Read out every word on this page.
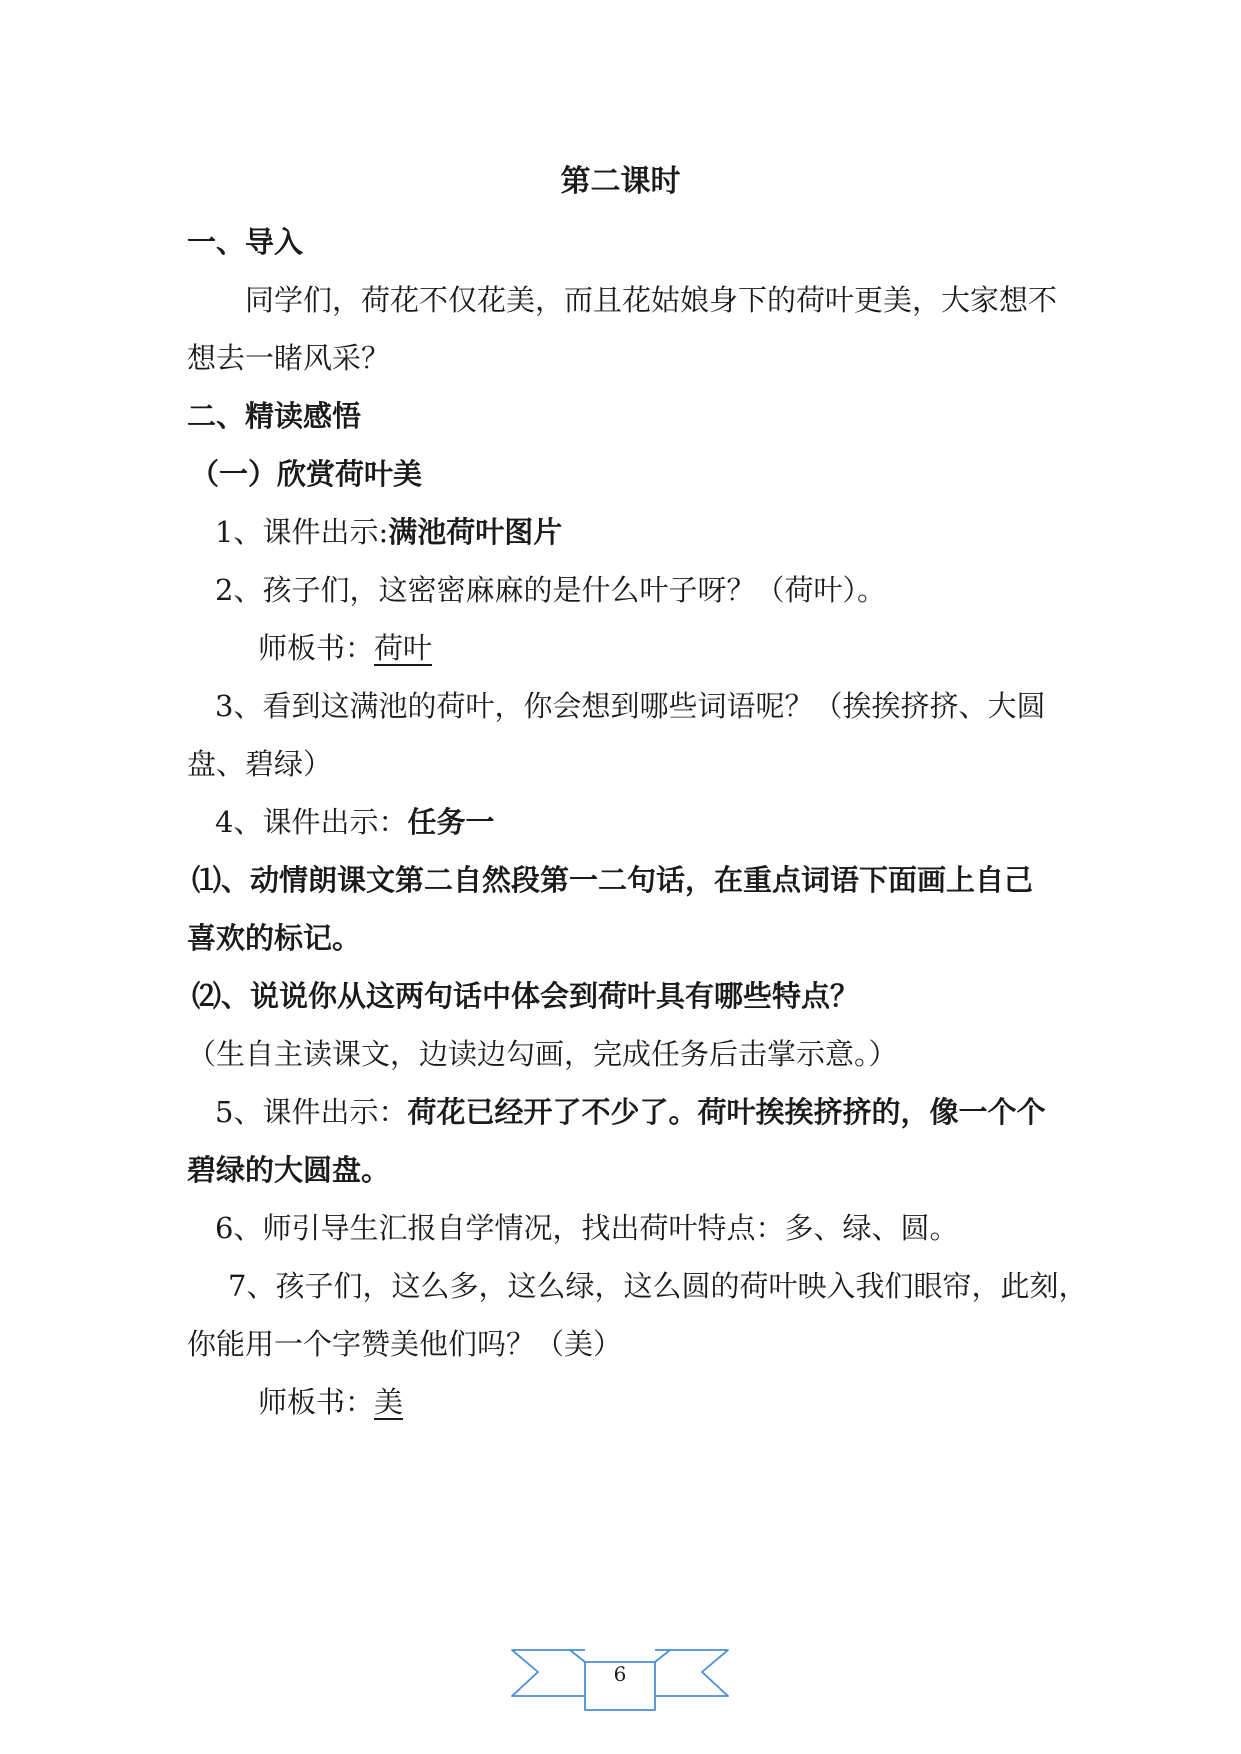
第二课时
一、导入
同学们，荷花不仅花美，而且花姑娘身下的荷叶更美，大家想不
想去一睹风采？
二、精读感悟
（一）欣赏荷叶美
1、课件出示:满池荷叶图片
2、孩子们，这密密麻麻的是什么叶子呀？（荷叶）。
师板书：荷叶
3、看到这满池的荷叶，你会想到哪些词语呢？（挨挨挤挤、大圆
盘、碧绿）
4、课件出示：任务一
⑴、动情朗课文第二自然段第一二句话，在重点词语下面画上自己
喜欢的标记。
⑵、说说你从这两句话中体会到荷叶具有哪些特点？
（生自主读课文，边读边勾画，完成任务后击掌示意。）
5、课件出示：荷花已经开了不少了。荷叶挨挨挤挤的，像一个个
碧绿的大圆盘。
6、师引导生汇报自学情况，找出荷叶特点：多、绿、圆。
7、孩子们，这么多，这么绿，这么圆的荷叶映入我们眼帘，此刻，
你能用一个字赞美他们吗？（美）
师板书：美
6
